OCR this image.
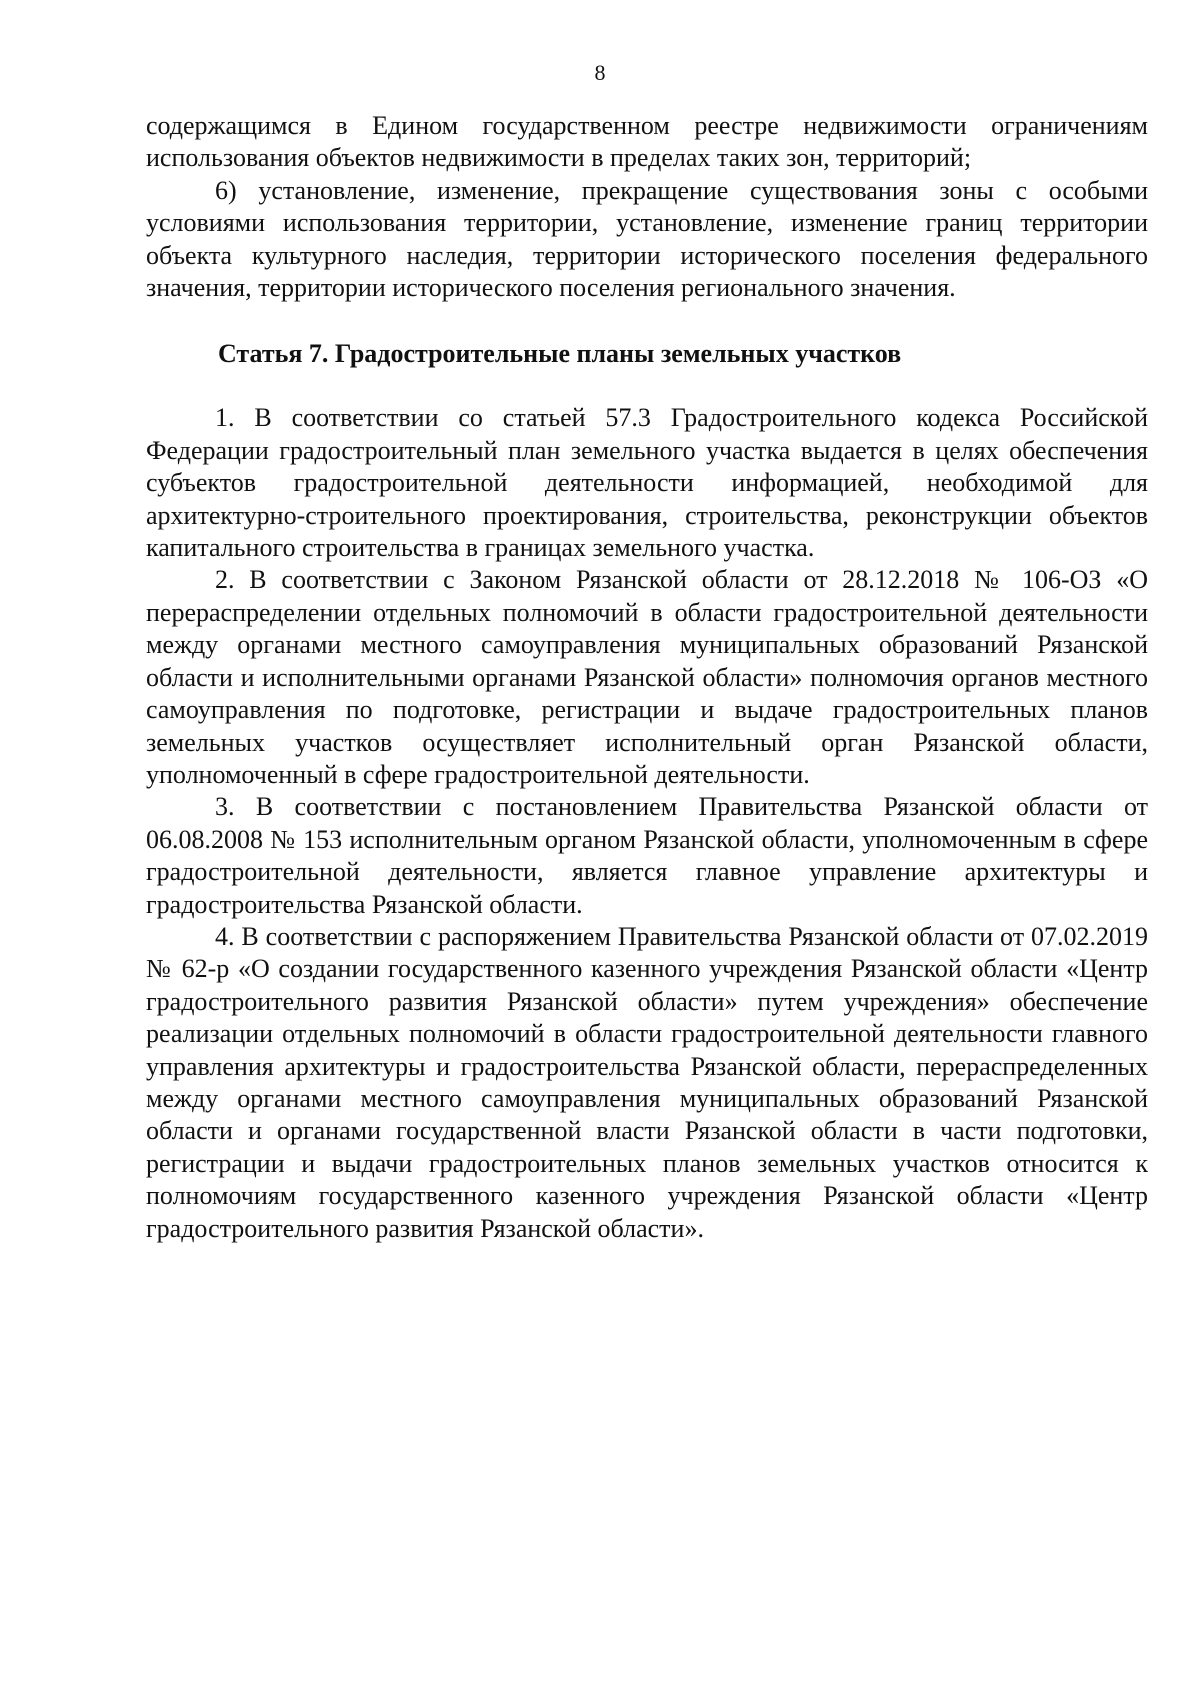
8

содержащимся в Едином государственном реестре недвижимости ограничениям использования объектов недвижимости в пределах таких зон, территорий;

6) установление, изменение, прекращение существования зоны с особыми условиями использования территории, установление, изменение границ территории объекта культурного наследия, территории исторического поселения федерального значения, территории исторического поселения регионального значения.

Статья 7. Градостроительные планы земельных участков

1. В соответствии со статьей 57.3 Градостроительного кодекса Российской Федерации градостроительный план земельного участка выдается в целях обеспечения субъектов градостроительной деятельности информацией, необходимой для архитектурно-строительного проектирования, строительства, реконструкции объектов капитального строительства в границах земельного участка.

2. В соответствии с Законом Рязанской области от 28.12.2018 № 106-ОЗ «О перераспределении отдельных полномочий в области градостроительной деятельности между органами местного самоуправления муниципальных образований Рязанской области и исполнительными органами Рязанской области» полномочия органов местного самоуправления по подготовке, регистрации и выдаче градостроительных планов земельных участков осуществляет исполнительный орган Рязанской области, уполномоченный в сфере градостроительной деятельности.

3. В соответствии с постановлением Правительства Рязанской области от 06.08.2008 № 153 исполнительным органом Рязанской области, уполномоченным в сфере градостроительной деятельности, является главное управление архитектуры и градостроительства Рязанской области.

4. В соответствии с распоряжением Правительства Рязанской области от 07.02.2019 № 62-р «О создании государственного казенного учреждения Рязанской области «Центр градостроительного развития Рязанской области» путем учреждения» обеспечение реализации отдельных полномочий в области градостроительной деятельности главного управления архитектуры и градостроительства Рязанской области, перераспределенных между органами местного самоуправления муниципальных образований Рязанской области и органами государственной власти Рязанской области в части подготовки, регистрации и выдачи градостроительных планов земельных участков относится к полномочиям государственного казенного учреждения Рязанской области «Центр градостроительного развития Рязанской области».
